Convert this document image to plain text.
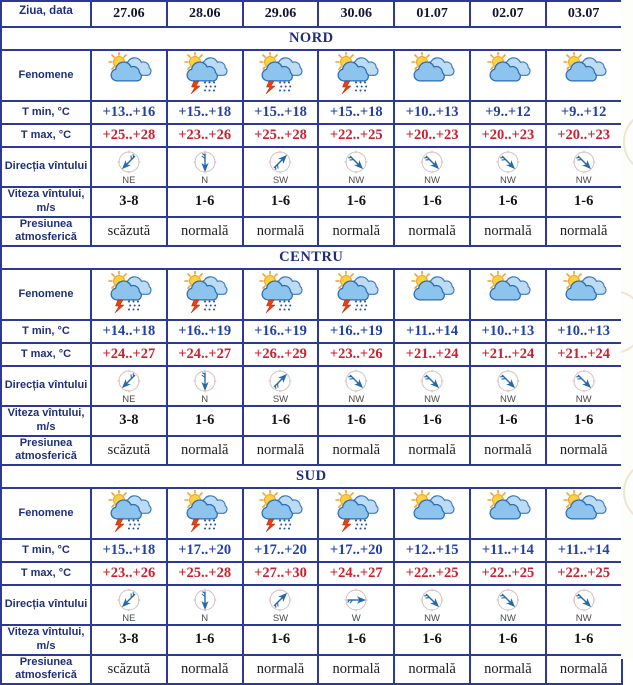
Ziua, data	27.06	28.06	29.06	30.06	01.07	02.07	03.07
NORD							
Fenomene							
T min, °C	+13..+16	+15..+18	+15..+18	+15..+18	+10..+13	+9..+12	+9..+12
T max, °C	+25..+28	+23..+26	+25..+28	+22..+25	+20..+23	+20..+23	+20..+23
Direcția vîntului	NE	N	SW	NW	NW	NW	NW

Viteza vîntului, m/s	3-8	1-6	1-6	1-6	1-6	1-6	1-6
Presiunea atmosferică	scăzută	normală	normală	normală	normală	normală	normală
CENTRU							
Fenomene							
T min, °C	+14..+18	+16..+19	+16..+19	+16..+19	+11..+14	+10..+13	+10..+13
T max, °C	+24..+27	+24..+27	+26..+29	+23..+26	+21..+24	+21..+24	+21..+24
Direcția vîntului	NE	N	SW	NW	NW	NW	NW

Viteza vîntului, m/s	3-8	1-6	1-6	1-6	1-6	1-6	1-6
Presiunea atmosferică	scăzută	normală	normală	normală	normală	normală	normală
SUD							
Fenomene							
T min, °C	+15..+18	+17..+20	+17..+20	+17..+20	+12..+15	+11..+14	+11..+14
T max, °C	+23..+26	+25..+28	+27..+30	+24..+27	+22..+25	+22..+25	+22..+25
Direcția vîntului	NE	N	SW	W	NW	NW	NW

Viteza vîntului, m/s	3-8	1-6	1-6	1-6	1-6	1-6	1-6
Presiunea atmosferică	scăzută	normală	normală	normală	normală	normală	normală
